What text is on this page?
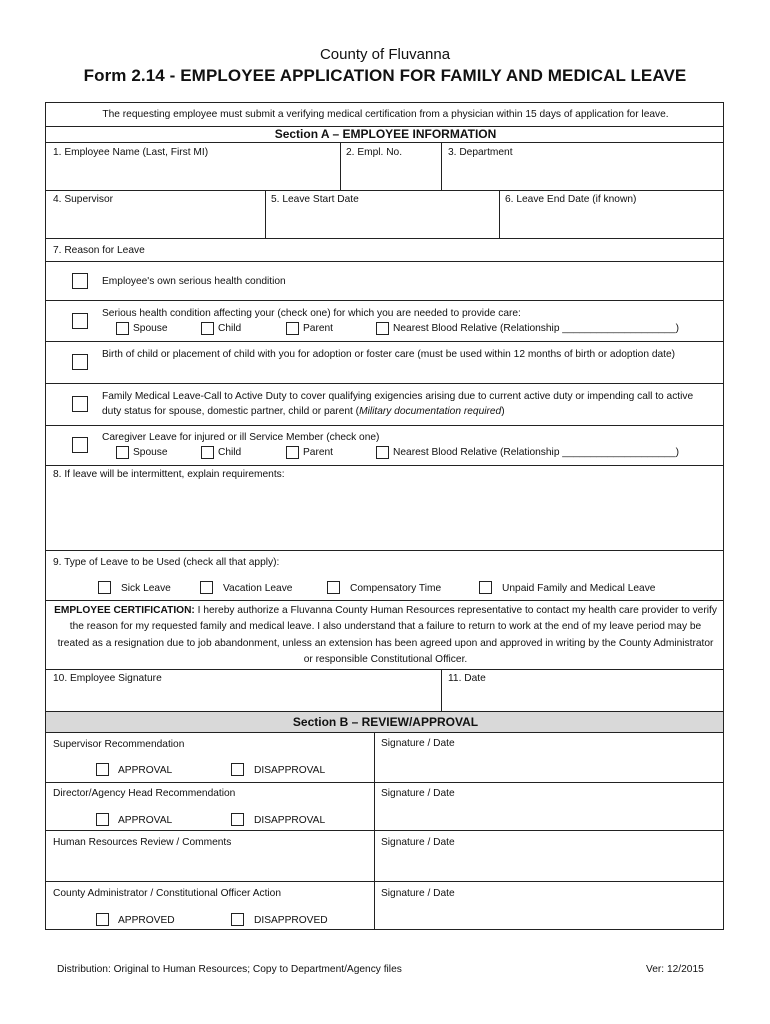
County of Fluvanna
Form 2.14 - EMPLOYEE APPLICATION FOR FAMILY AND MEDICAL LEAVE
The requesting employee must submit a verifying medical certification from a physician within 15 days of application for leave.
Section A – EMPLOYEE INFORMATION
1. Employee Name (Last, First MI)	2. Empl. No.	3. Department
4. Supervisor	5. Leave Start Date	6. Leave End Date (if known)
7. Reason for Leave
Employee's own serious health condition
Serious health condition affecting your (check one) for which you are needed to provide care:
Spouse	Child	Parent	Nearest Blood Relative (Relationship ____________________)
Birth of child or placement of child with you for adoption or foster care (must be used within 12 months of birth or adoption date)
Family Medical Leave-Call to Active Duty to cover qualifying exigencies arising due to current active duty or impending call to active duty status for spouse, domestic partner, child or parent (Military documentation required)
Caregiver Leave for injured or ill Service Member (check one)
Spouse	Child	Parent	Nearest Blood Relative (Relationship ____________________)
8. If leave will be intermittent, explain requirements:
9. Type of Leave to be Used (check all that apply):
Sick Leave	Vacation Leave	Compensatory Time	Unpaid Family and Medical Leave
EMPLOYEE CERTIFICATION: I hereby authorize a Fluvanna County Human Resources representative to contact my health care provider to verify the reason for my requested family and medical leave. I also understand that a failure to return to work at the end of my leave period may be treated as a resignation due to job abandonment, unless an extension has been agreed upon and approved in writing by the County Administrator or responsible Constitutional Officer.
10. Employee Signature	11. Date
Section B – REVIEW/APPROVAL
Supervisor Recommendation	Signature / Date
APPROVAL	DISAPPROVAL
Director/Agency Head Recommendation	Signature / Date
APPROVAL	DISAPPROVAL
Human Resources Review / Comments	Signature / Date
County Administrator / Constitutional Officer Action	Signature / Date
APPROVED	DISAPPROVED
Distribution: Original to Human Resources; Copy to Department/Agency files	Ver: 12/2015
